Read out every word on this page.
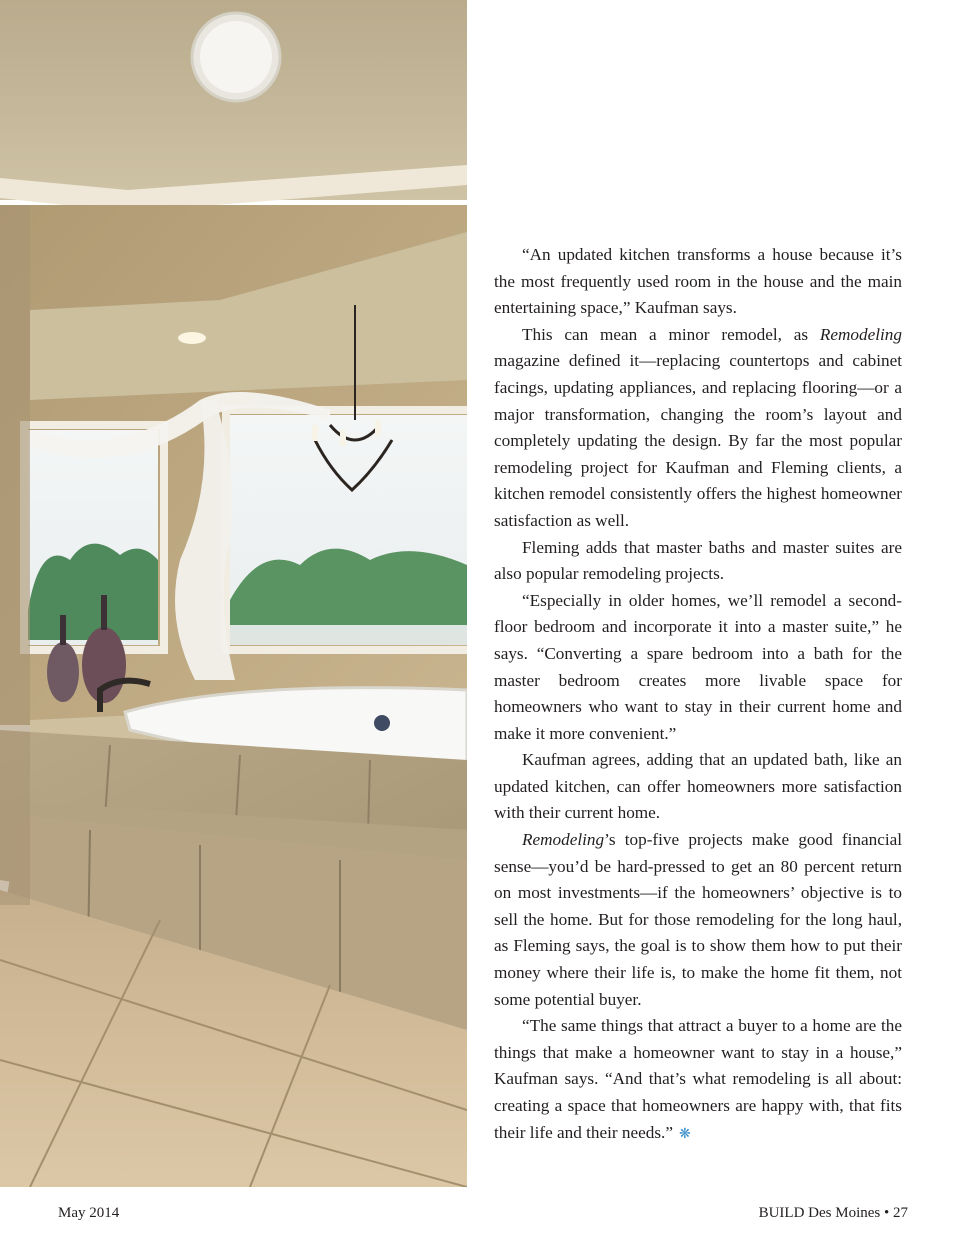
“An updated kitchen transforms a house because it’s the most frequently used room in the house and the main entertaining space,” Kaufman says.

This can mean a minor remodel, as Remodeling magazine defined it—replacing countertops and cabinet facings, updating appliances, and replacing flooring—or a major transformation, changing the room’s layout and completely updating the design. By far the most popular remodeling project for Kaufman and Fleming clients, a kitchen remodel consistently offers the highest homeowner satisfaction as well.

Fleming adds that master baths and master suites are also popular remodeling projects.

“Especially in older homes, we’ll remodel a second-floor bedroom and incorporate it into a master suite,” he says. “Converting a spare bedroom into a bath for the master bedroom creates more livable space for homeowners who want to stay in their current home and make it more convenient.”

Kaufman agrees, adding that an updated bath, like an updated kitchen, can offer homeowners more satisfaction with their current home.

Remodeling’s top-five projects make good financial sense—you’d be hard-pressed to get an 80 percent return on most investments—if the homeowners’ objective is to sell the home. But for those remodeling for the long haul, as Fleming says, the goal is to show them how to put their money where their life is, to make the home fit them, not some potential buyer.

“The same things that attract a buyer to a home are the things that make a homeowner want to stay in a house,” Kaufman says. “And that’s what remodeling is all about: creating a space that homeowners are happy with, that fits their life and their needs.” ❋

May 2014	BUILD Des Moines • 27
